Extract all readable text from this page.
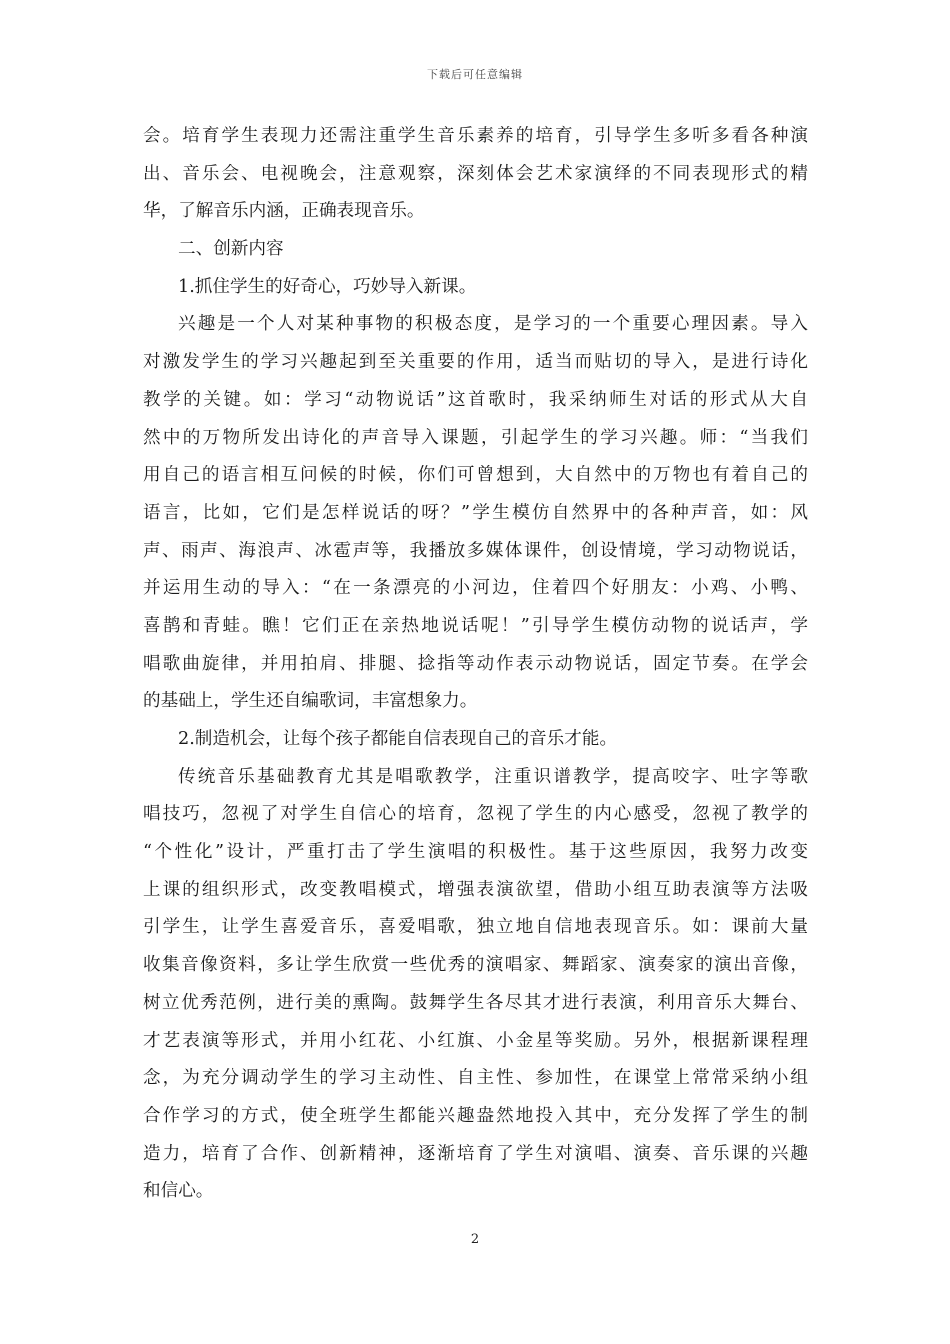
下载后可任意编辑
会。培育学生表现力还需注重学生音乐素养的培育，引导学生多听多看各种演
出、音乐会、电视晚会，注意观察，深刻体会艺术家演绎的不同表现形式的精
华，了解音乐内涵，正确表现音乐。
二、创新内容
1.抓住学生的好奇心，巧妙导入新课。
兴趣是一个人对某种事物的积极态度，是学习的一个重要心理因素。导入
对激发学生的学习兴趣起到至关重要的作用，适当而贴切的导入，是进行诗化
教学的关键。如：学习“动物说话”这首歌时，我采纳师生对话的形式从大自
然中的万物所发出诗化的声音导入课题，引起学生的学习兴趣。师：“当我们
用自己的语言相互问候的时候，你们可曾想到，大自然中的万物也有着自己的
语言，比如，它们是怎样说话的呀？”学生模仿自然界中的各种声音，如：风
声、雨声、海浪声、冰雹声等，我播放多媒体课件，创设情境，学习动物说话，
并运用生动的导入：“在一条漂亮的小河边，住着四个好朋友：小鸡、小鸭、
喜鹊和青蛙。瞧！它们正在亲热地说话呢！”引导学生模仿动物的说话声，学
唱歌曲旋律，并用拍肩、排腿、捻指等动作表示动物说话，固定节奏。在学会
的基础上，学生还自编歌词，丰富想象力。
2.制造机会，让每个孩子都能自信表现自己的音乐才能。
传统音乐基础教育尤其是唱歌教学，注重识谱教学，提高咬字、吐字等歌
唱技巧，忽视了对学生自信心的培育，忽视了学生的内心感受，忽视了教学的
“个性化”设计，严重打击了学生演唱的积极性。基于这些原因，我努力改变
上课的组织形式，改变教唱模式，增强表演欲望，借助小组互助表演等方法吸
引学生，让学生喜爱音乐，喜爱唱歌，独立地自信地表现音乐。如：课前大量
收集音像资料，多让学生欣赏一些优秀的演唱家、舞蹈家、演奏家的演出音像，
树立优秀范例，进行美的熏陶。鼓舞学生各尽其才进行表演，利用音乐大舞台、
才艺表演等形式，并用小红花、小红旗、小金星等奖励。另外，根据新课程理
念，为充分调动学生的学习主动性、自主性、参加性，在课堂上常常采纳小组
合作学习的方式，使全班学生都能兴趣盎然地投入其中，充分发挥了学生的制
造力，培育了合作、创新精神，逐渐培育了学生对演唱、演奏、音乐课的兴趣
和信心。
2
